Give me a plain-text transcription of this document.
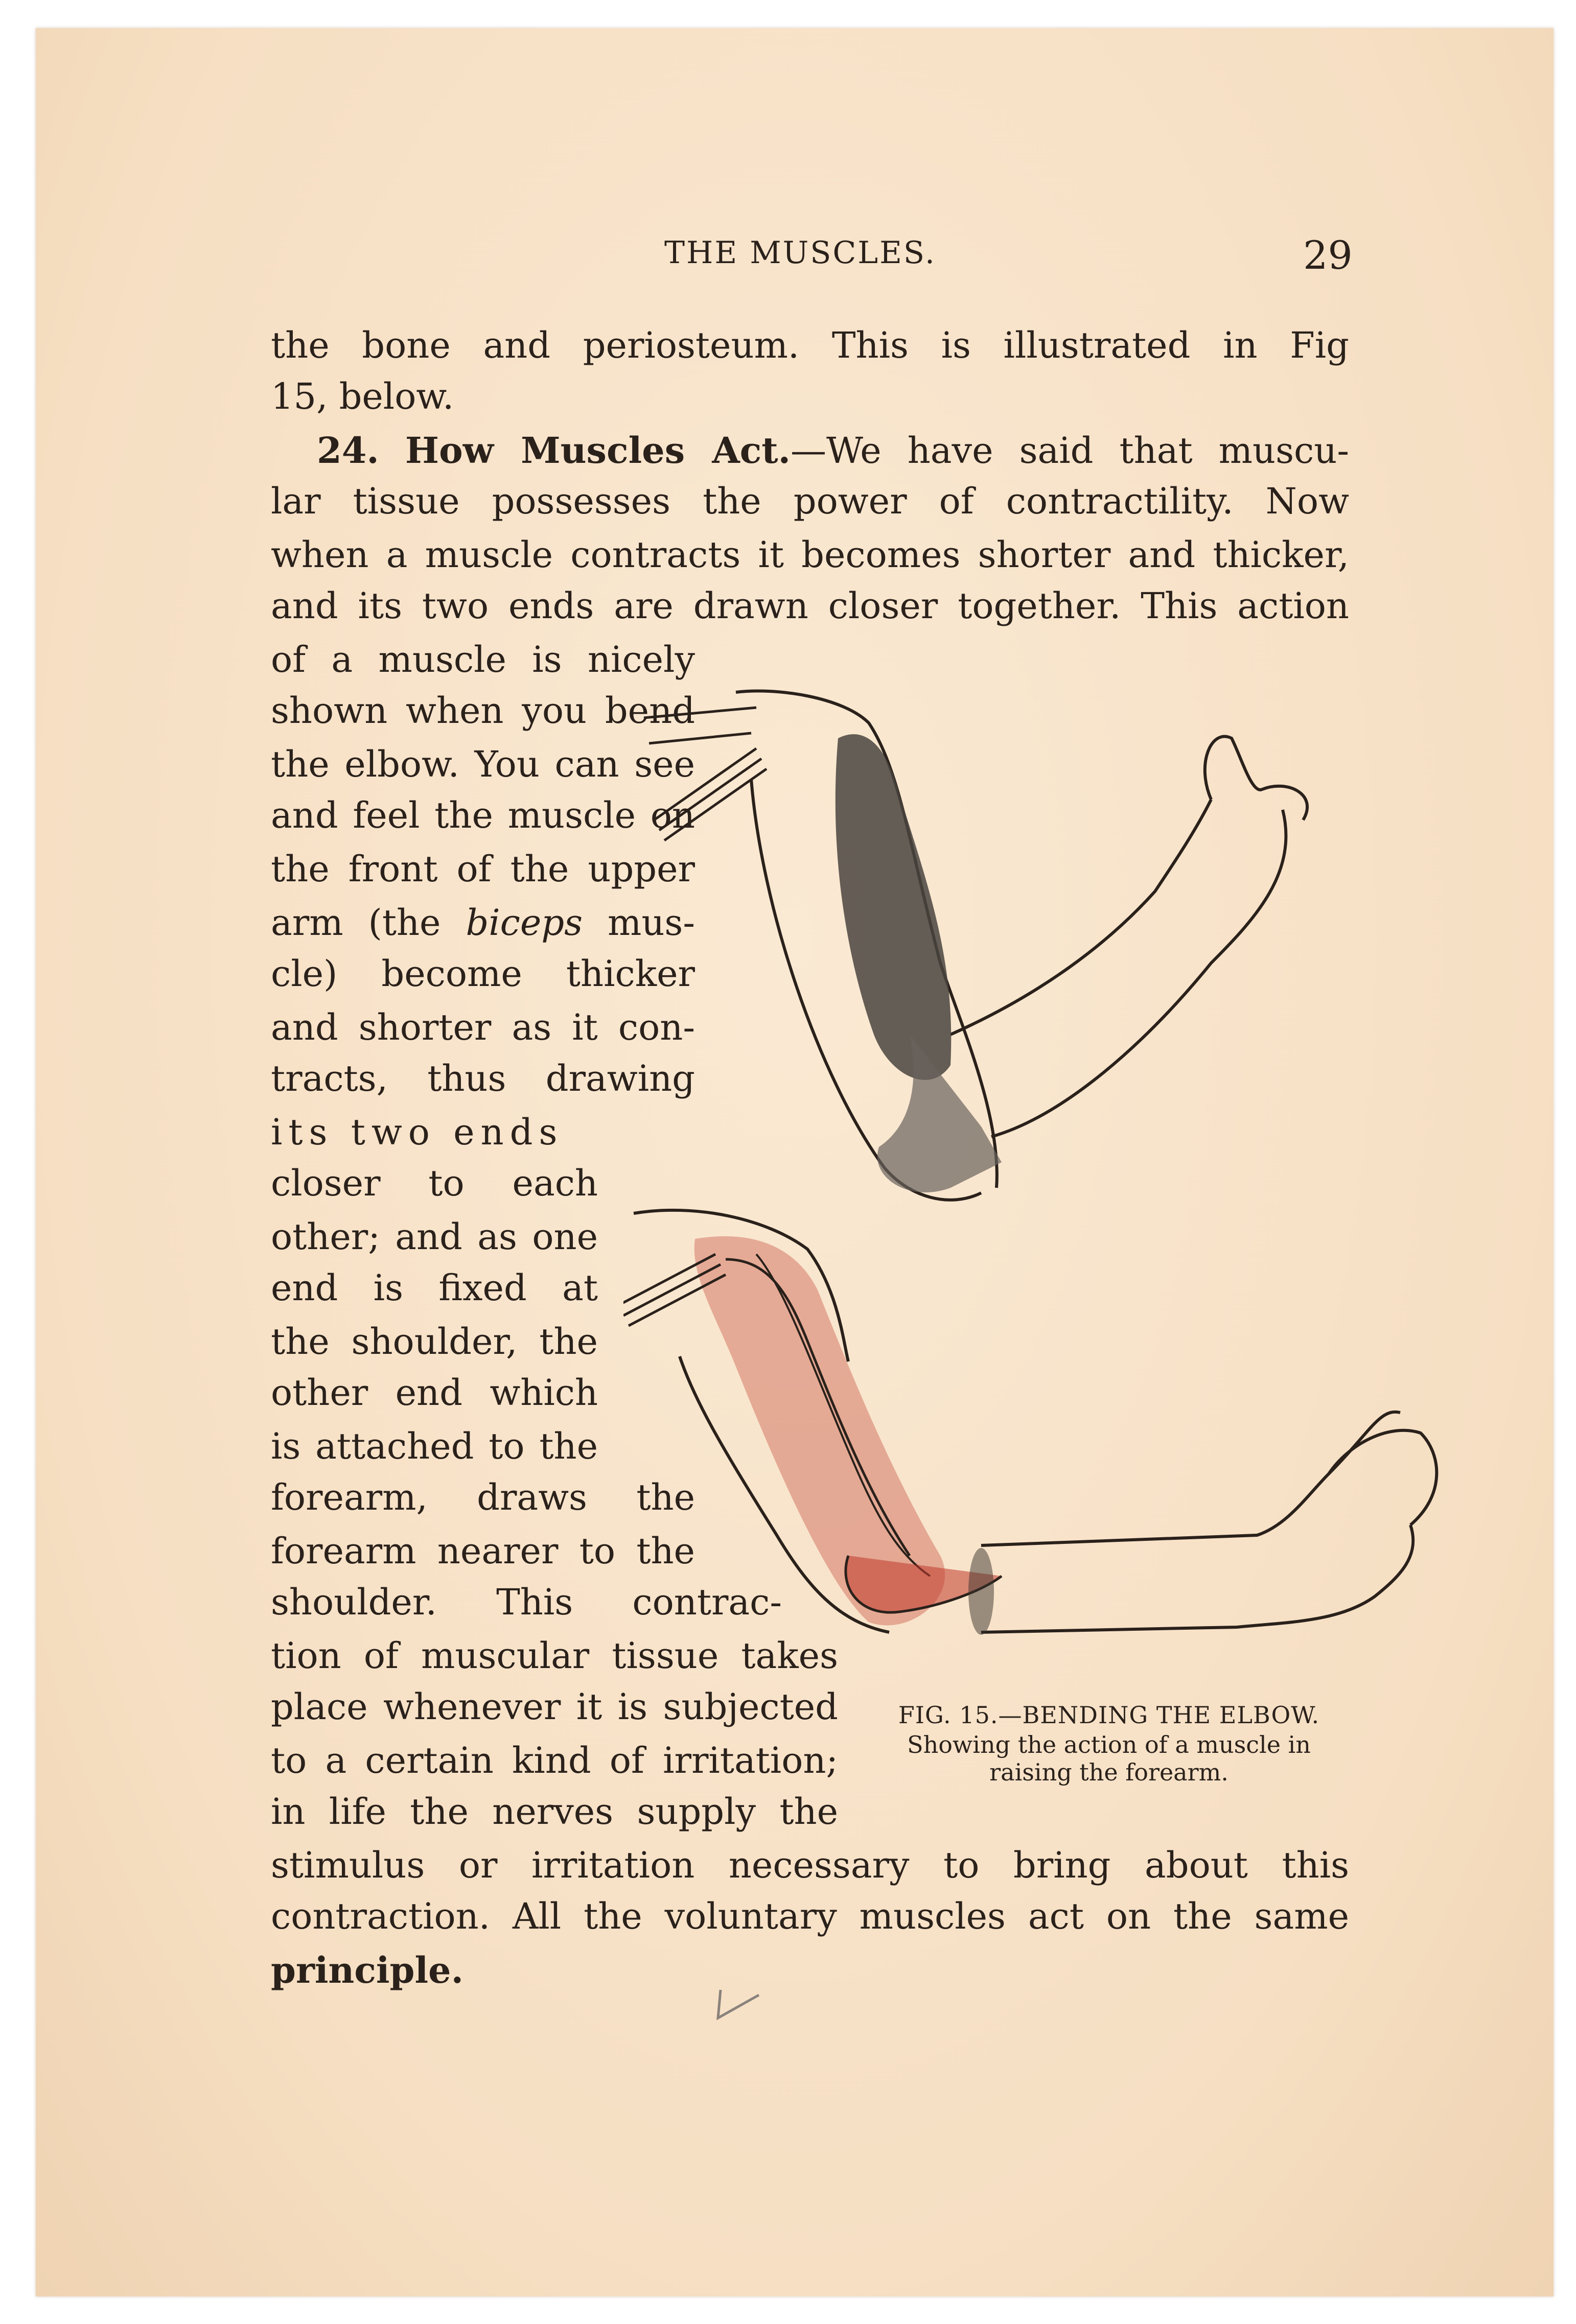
THE MUSCLES.	29
the bone and periosteum. This is illustrated in Fig
15, below.
24. How Muscles Act.—We have said that muscu-
lar tissue possesses the power of contractility. Now
when a muscle contracts it becomes shorter and thicker,
and its two ends are drawn closer together. This action
of a muscle is nicely
shown when you bend
the elbow. You can see
and feel the muscle on
the front of the upper
arm (the biceps mus-
cle) become thicker
and shorter as it con-
tracts, thus drawing
its two ends
closer to each
other; and as one
end is fixed at
the shoulder, the
other end which
is attached to the
forearm, draws the
forearm nearer to the
shoulder. This contrac-
tion of muscular tissue takes
place whenever it is subjected
to a certain kind of irritation;
in life the nerves supply the
stimulus or irritation necessary to bring about this
contraction. All the voluntary muscles act on the same
principle.
FIG. 15.—BENDING THE ELBOW.
Showing the action of a muscle in
raising the forearm.
